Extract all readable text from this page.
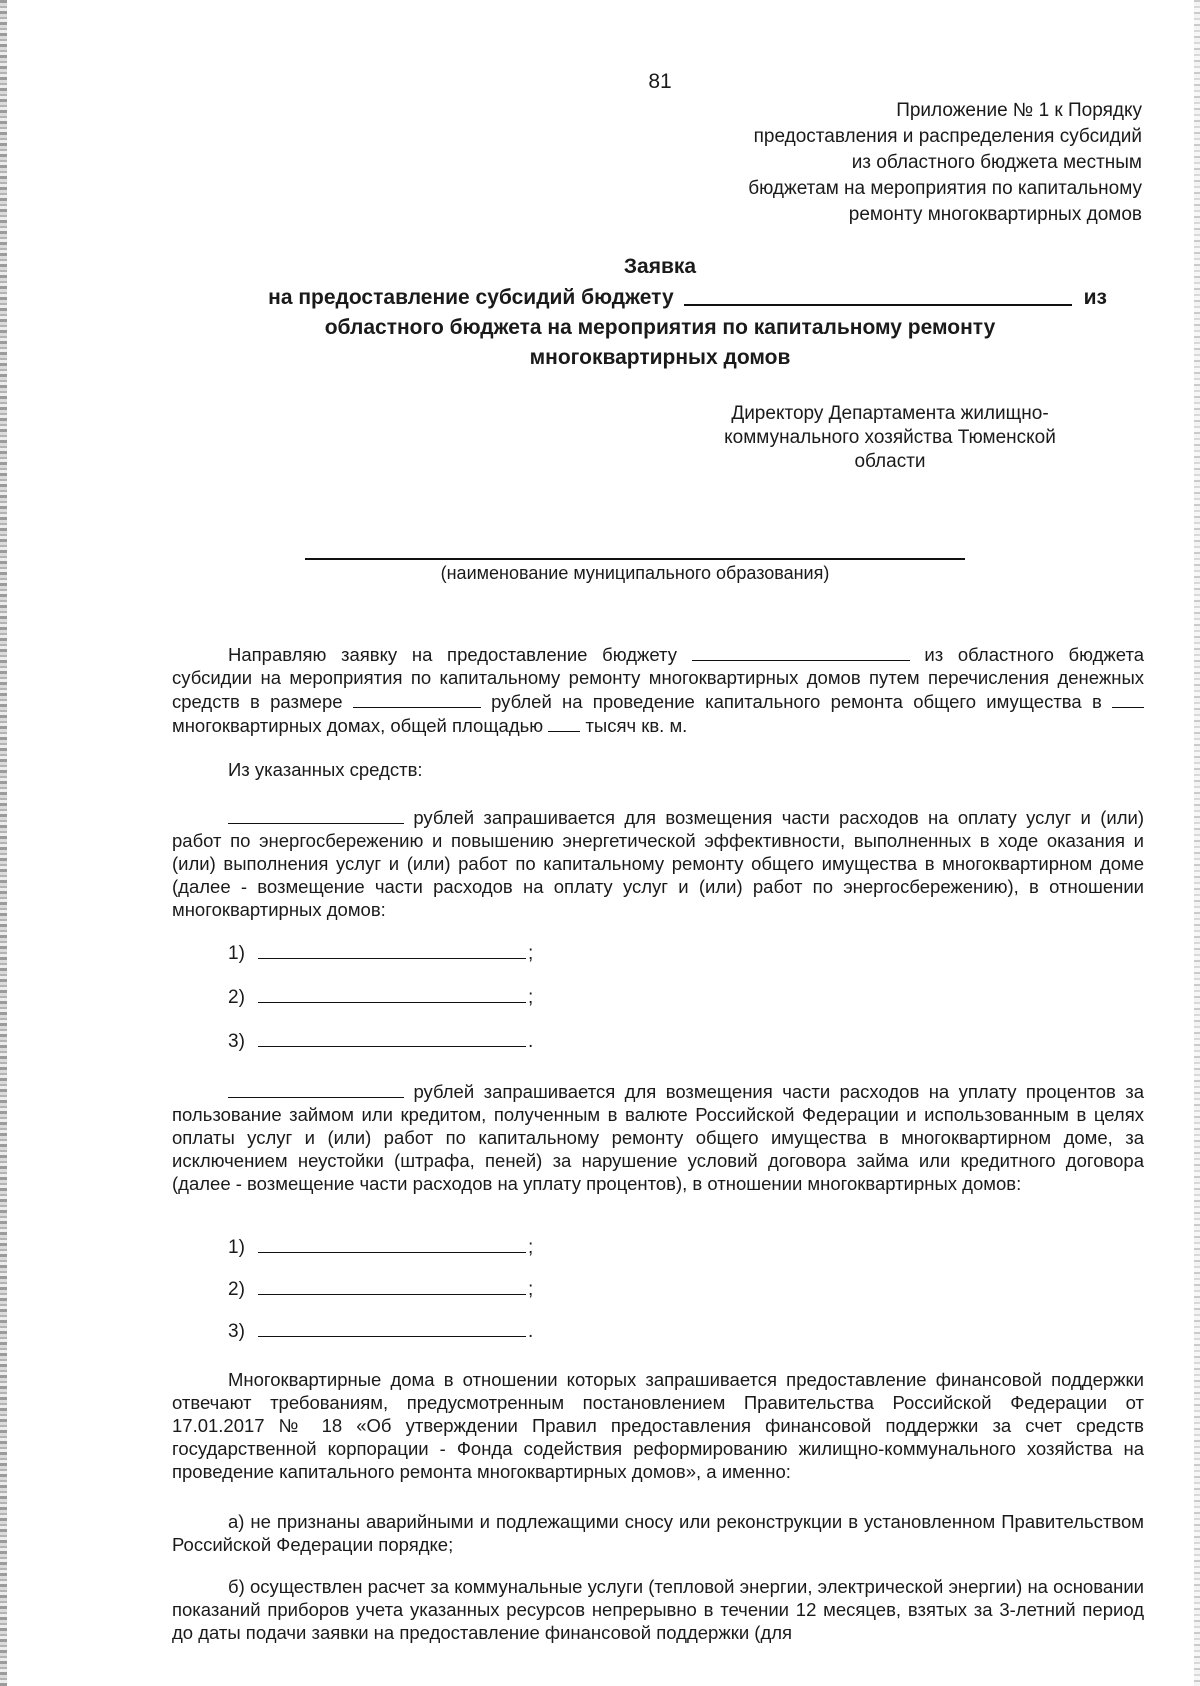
81
Приложение № 1 к Порядку
предоставления и распределения субсидий
из областного бюджета местным
бюджетам на мероприятия по капитальному
ремонту многоквартирных домов
Заявка
на предоставление субсидий бюджету	из
областного бюджета на мероприятия по капитальному ремонту
многоквартирных домов
Директору Департамента жилищно-
коммунального хозяйства Тюменской
области
(наименование муниципального образования)

Направляю заявку на предоставление бюджету	из областного бюджета субсидии на мероприятия по капитальному ремонту многоквартирных домов путем перечисления денежных средств в размере	рублей на проведение капитального ремонта общего имущества в  многоквартирных домах, общей площадью тысяч кв. м.

Из указанных средств:

рублей запрашивается для возмещения части расходов на оплату услуг и (или) работ по энергосбережению и повышению энергетической эффективности, выполненных в ходе оказания и (или) выполнения услуг и (или) работ по капитальному ремонту общего имущества в многоквартирном доме (далее - возмещение части расходов на оплату услуг и (или) работ по энергосбережению), в отношении многоквартирных домов:

1)	;
2)	;
3)	.

рублей запрашивается для возмещения части расходов на уплату процентов за пользование займом или кредитом, полученным в валюте Российской Федерации и использованным в целях оплаты услуг и (или) работ по капитальному ремонту общего имущества в многоквартирном доме, за исключением неустойки (штрафа, пеней) за нарушение условий договора займа или кредитного договора (далее - возмещение части расходов на уплату процентов), в отношении многоквартирных домов:

1)	;
2)	;
3)	.

Многоквартирные дома в отношении которых запрашивается предоставление финансовой поддержки отвечают требованиям, предусмотренным постановлением Правительства Российской Федерации от 17.01.2017 № 18 «Об утверждении Правил предоставления финансовой поддержки за счет средств государственной корпорации - Фонда содействия реформированию жилищно-коммунального хозяйства на проведение капитального ремонта многоквартирных домов», а именно:

а) не признаны аварийными и подлежащими сносу или реконструкции в установленном Правительством Российской Федерации порядке;

б) осуществлен расчет за коммунальные услуги (тепловой энергии, электрической энергии) на основании показаний приборов учета указанных ресурсов непрерывно в течении 12 месяцев, взятых за 3-летний период до даты подачи заявки на предоставление финансовой поддержки (для
